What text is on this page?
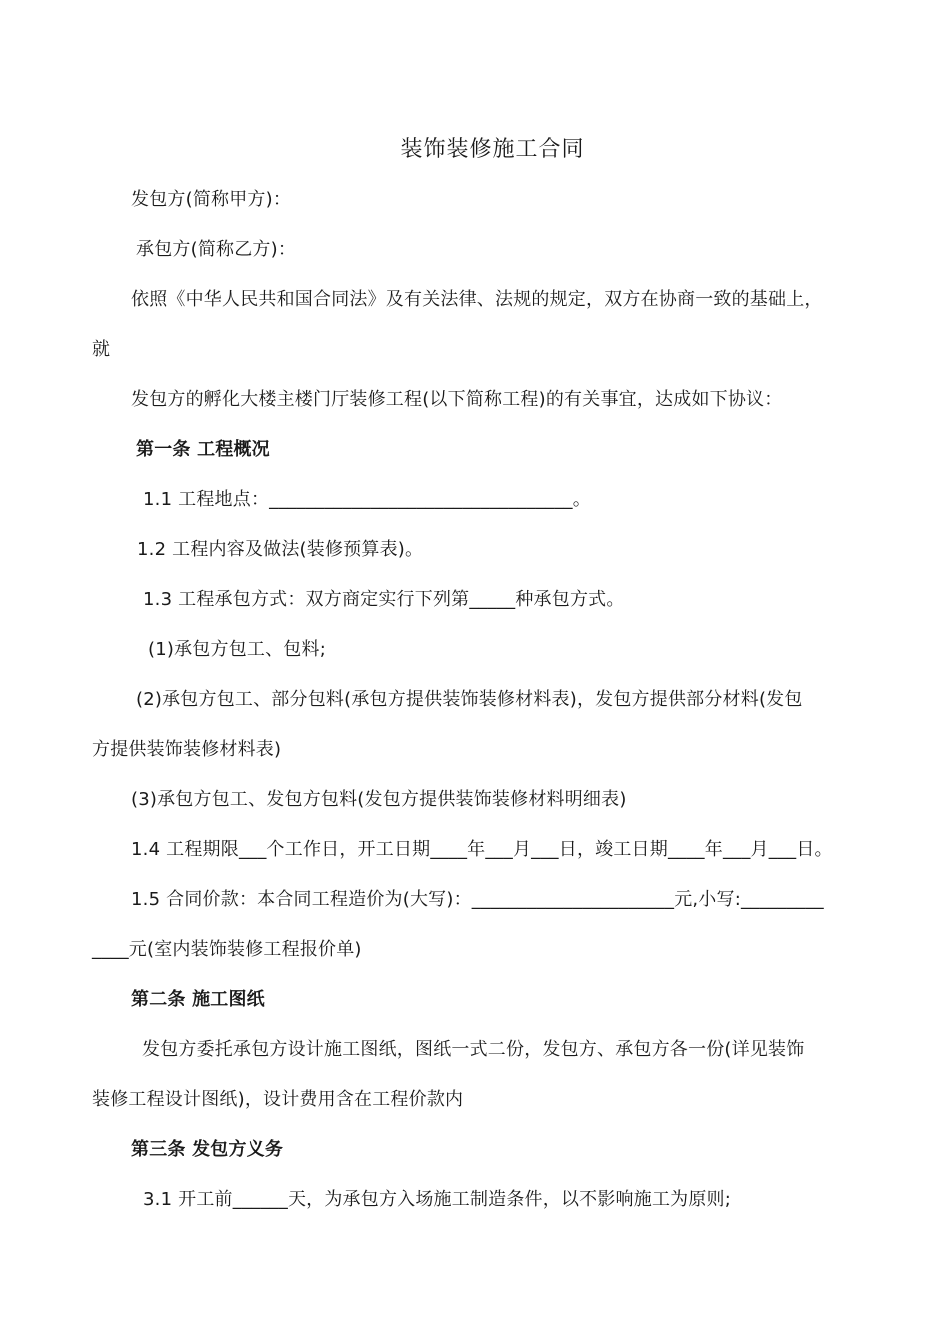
装饰装修施工合同
发包方(简称甲方)：
承包方(简称乙方)：
依照《中华人民共和国合同法》及有关法律、法规的规定，双方在协商一致的基础上，
就
发包方的孵化大楼主楼门厅装修工程(以下简称工程)的有关事宜，达成如下协议：
第一条 工程概况
1.1 工程地点：_________________________________。
1.2 工程内容及做法(装修预算表)。
1.3 工程承包方式：双方商定实行下列第_____种承包方式。
(1)承包方包工、包料;
(2)承包方包工、部分包料(承包方提供装饰装修材料表)，发包方提供部分材料(发包
方提供装饰装修材料表)
(3)承包方包工、发包方包料(发包方提供装饰装修材料明细表)
1.4 工程期限___个工作日，开工日期____年___月___日，竣工日期____年___月___日。
1.5 合同价款：本合同工程造价为(大写)：______________________元,小写:_________
____元(室内装饰装修工程报价单)
第二条 施工图纸
发包方委托承包方设计施工图纸，图纸一式二份，发包方、承包方各一份(详见装饰
装修工程设计图纸)，设计费用含在工程价款内
第三条 发包方义务
3.1 开工前______天，为承包方入场施工制造条件，以不影响施工为原则;
